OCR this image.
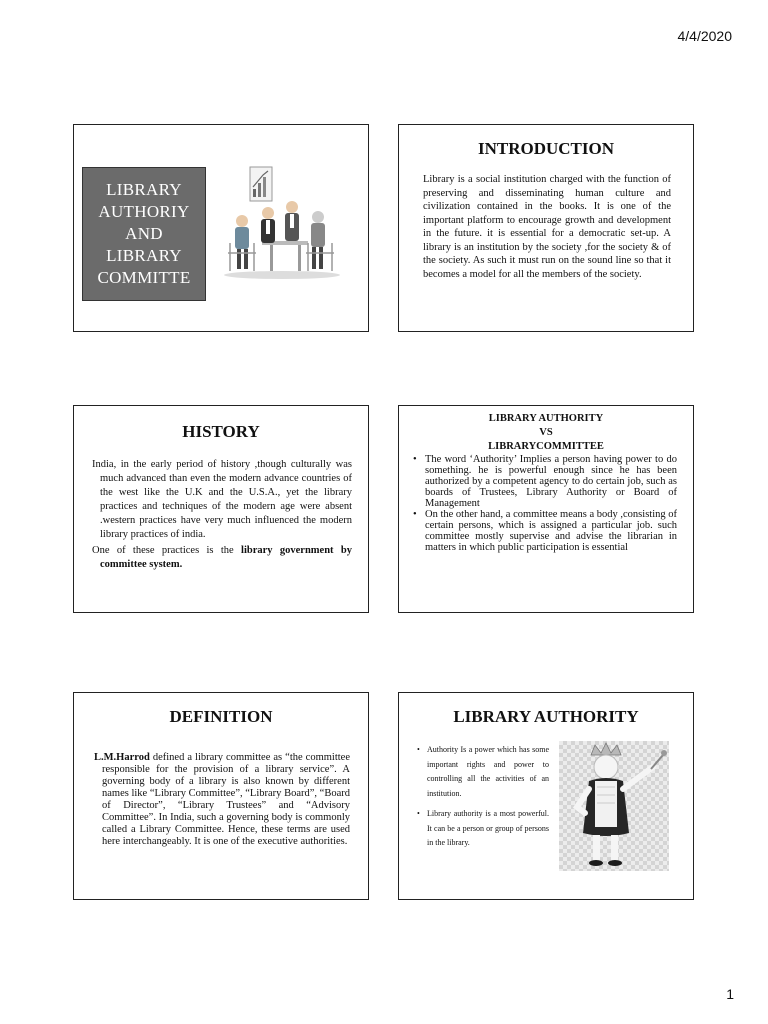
4/4/2020
LIBRARY
AUTHORIY
AND
LIBRARY
COMMITTE
INTRODUCTION

Library is a social institution charged with the function of preserving and disseminating human culture and civilization contained in the books. It is one of the important platform to encourage growth and development in the future. it is essential for a democratic set-up. A library is an institution by the society ,for the society & of the society. As such it must run on the sound line so that it becomes a model for all the members of the society.

HISTORY

India, in the early period of history ,though culturally was much advanced than even the modern advance countries of the west like the U.K and the U.S.A., yet the library practices and techniques of the modern age were absent .western practices have very much influenced the modern library practices of india.

One of these practices is the library government by committee system.

LIBRARY AUTHORITY
VS
LIBRARYCOMMITTEE
• The word ‘Authority’ Implies a person having power to do something. he is powerful enough since he has been authorized by a competent agency to do certain job, such as boards of Trustees, Library Authority or Board of Management
• On the other hand, a committee means a body ,consisting of certain persons, which is assigned a particular job. such committee mostly supervise and advise the librarian in matters in which public participation is essential
DEFINITION

L.M.Harrod defined a library committee as “the committee responsible for the provision of a library service”. A governing body of a library is also known by different names like “Library Committee”, “Library Board”, “Board of Director”, “Library Trustees” and “Advisory Committee”. In India, such a governing body is commonly called a Library Committee. Hence, these terms are used here interchangeably. It is one of the executive authorities.

LIBRARY AUTHORITY
• Authority Is a power which has some important rights and power to controlling all the activities of an institution.
• Library authority is a most powerful. It can be a person or group of persons in the library.
1
